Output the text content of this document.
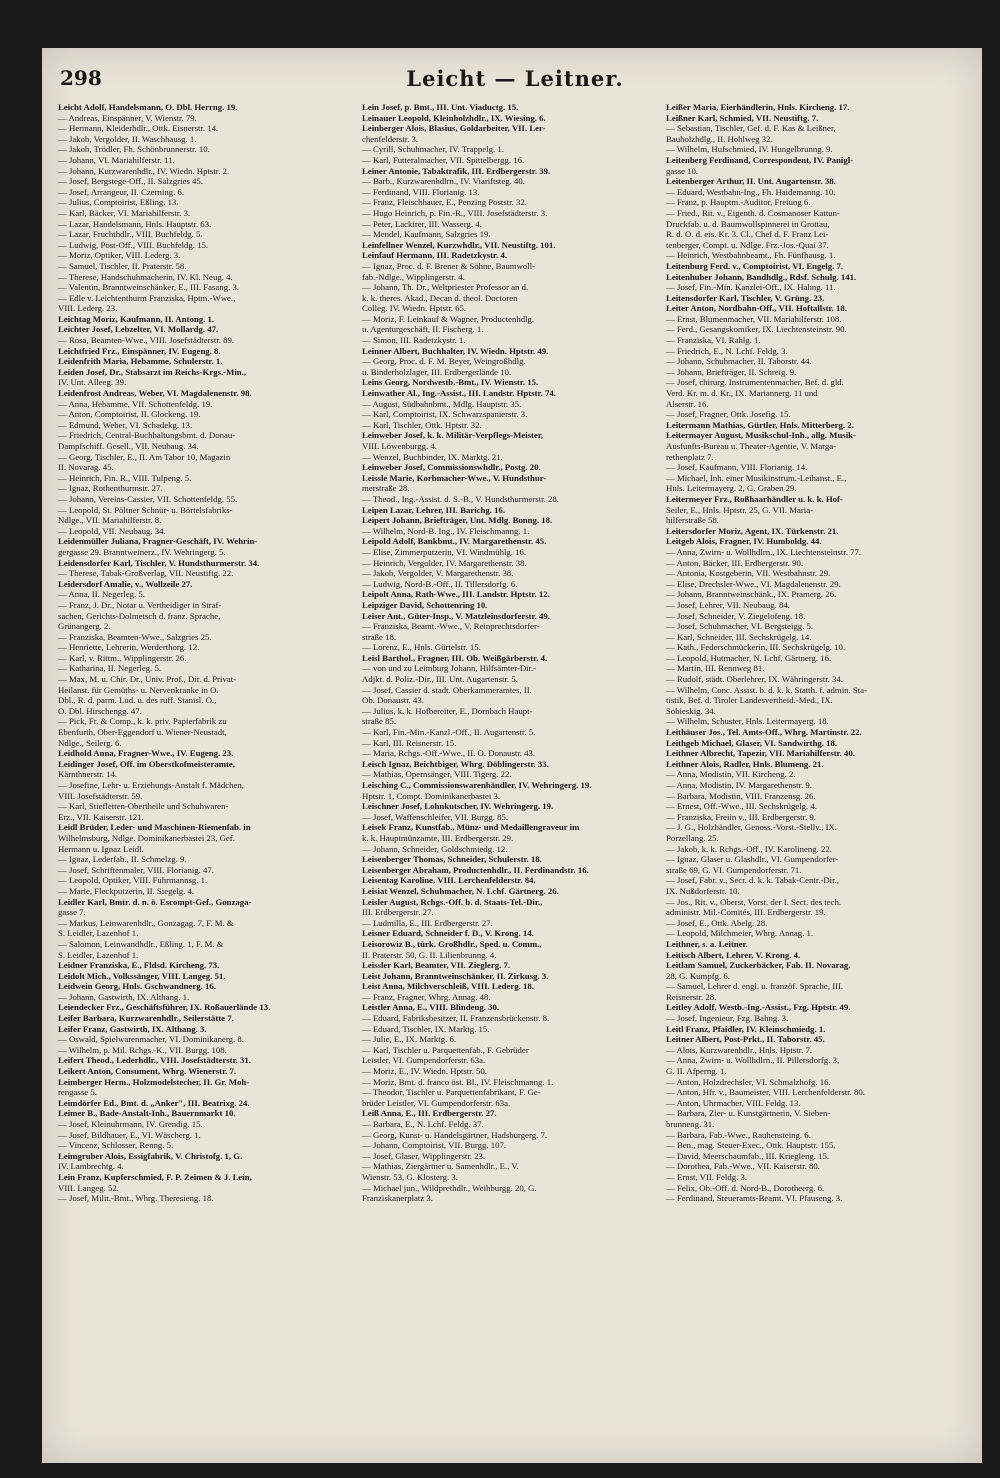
Leicht — Leitner.
298
Leicht Adolf, Handelsmann, O. Dbl. Herrng. 19.
— Andreas, Einspänner, V. Wienstr. 79.
— Hermann, Kleiderhdlr., Ottk. Eisnerstr. 14.
— Jakob, Vergolder, II. Waschhausg. 1.
— Jakob, Trödler, Fh. Schönbrunnerstr. 10.
— Johann, VI. Mariahilferstr. 11.
— Johann, Kurzwarenhdlr., IV. Wiedn. Hptstr. 2.
— Josef, Bergstege-Off., II. Salzgries 45.
— Josef, Arrangeur, II. Czerning. 6.
— Julius, Comptoirist, Eßling. 13.
— Karl, Bäcker, VI. Mariahilferstr. 3.
— Lazar, Handelsmann, Hnls. Hauptstr. 63.
— Lazar, Fruchthdlr., VIII. Buchfeldg. 5.
— Ludwig, Post-Off., VIII. Buchfeldg. 15.
— Moriz, Optiker, VIII. Lederg. 3.
— Samuel, Tischler, II. Praterstr. 58.
— Therese, Handschuhmacherin, IV. Kl. Neug. 4.
— Valentin, Branntweinschänker, E., III. Fasang. 3.
— Edle v. Leichtenthurm Franziska, Hptm.-Wwe.,
VIII. Lederg. 23.
Leichtag Moriz, Kaufmann, II. Antong. 1.
Leichter Josef, Lebzelter, VI. Mollardg. 47.
— Rosa, Beamten-Wwe., VIII. Josefstädterstr. 89.
Leichtfried Frz., Einspänner, IV. Eugeng. 8.
Leidenfrith Maria, Hebamme, Schulerstr. 1.
Leiden Josef, Dr., Stabsarzt im Reichs-Krgs.-Min.,
IV. Unt. Alleeg. 39.
Leidenfrost Andreas, Weber, VI. Magdalenenstr. 98.
— Anna, Hebamme, VII. Schottenfeldg. 19.
— Anton, Comptoirist, II. Glockeng. 19.
— Edmund, Weber, VI. Schadekg. 13.
— Friedrich, Central-Buchhaltungsbmt. d. Donau-
Dampfschiff. Gesell., VII. Neubaug. 34.
— Georg, Tischler, E., II. Am Tabor 10, Magazin
II. Novarag. 45.
— Heinrich, Fin. R., VIII. Tulpeng. 5.
— Ignaz, Rothenthurmstr. 27.
— Johann, Vereins-Cassier, VII. Schottenfeldg. 55.
— Leopold, St. Pöltner Schnür- u. Börtelsfabriks-
Ndlge., VII. Mariahilferstr. 8.
— Leopold, VII. Neubaug. 34.
Leidenmüller Juliana, Fragner-Geschäft, IV. Wehrin-
gergasse 29. Branntweinerz., IV. Wehringerg. 5.
Leidensdorfer Karl, Tischler, V. Hundsthurmerstr. 34.
— Therese, Tabak-Großverlag, VII. Neustiftg. 22.
Leidersdorf Amalie, v., Wollzeile 27.
— Anna, II. Negerleg. 5.
— Franz, J. Dr., Notar u. Vertheidiger in Straf-
sachen, Gerichts-Dolmetsch d. franz. Sprache,
Grünangerg. 2.
— Franziska, Beamten-Wwe., Salzgries 25.
— Henriette, Lehrerin, Werderthorg. 12.
— Karl, v. Rittm., Wipplingerstr. 26.
— Katharina, II. Negerleg. 5.
— Max, M. u. Chir. Dr., Univ. Prof., Dir. d. Privat-
Heilanst. für Gemüths- u. Nervenkranke in O.
Dbl., R. d. parm. Lud. u. des ruff. Stanisl. O.,
O. Dbl. Hirschengg. 47.
— Pick, Fr. & Comp., k. k. priv. Papierfabrik zu
Ebenfurth, Ober-Eggendorf u. Wiener-Neustadt,
Ndlge., Seilerg. 6.
Leidhold Anna, Fragner-Wwe., IV. Eugeng. 23.
Leidinger Josef, Off. im Oberstkofmeisteramte,
Kärnthnerstr. 14.
— Josefine, Lehr- u. Erziehungs-Anstalt f. Mädchen,
VIII. Josefstädterstr. 59.
— Karl, Stiefletten-Obertheile und Schuhwaren-
Erz., VII. Kaiserstr. 121.
Leidl Brüder, Leder- und Maschinen-Riemenfab. in
Wilhelmsburg, Ndlge. Dominikanerbastei 23, Gef.
Hermann u. Ignaz Leidl.
— Ignaz, Lederfab., II. Schmelzg. 9.
— Josef, Schriftenmaler, VIII. Florianig. 47.
— Leopold, Optiker, VIII. Fuhrmannsg. 1.
— Marie, Fleckputzerin, II. Siegelg. 4.
Leidler Karl, Bmtr. d. n. ö. Escompt-Gef., Gonzaga-
gasse 7.
— Markus, Leinwarenhdlr., Gonzagag. 7, F. M. &
S. Leidler, Lazenhof 1.
— Salomon, Leinwandhdlr., Eßling. 1, F. M. &
S. Leidler, Lazenhof 1.
Leidner Franziska, E., Fldsd. Kircheng. 73.
Leidolt Mich., Volkssänger, VIII. Langeg. 51.
Leidwein Georg, Hnls. Gschwandnerg. 16.
— Johann, Gastwirth, IX. Althang. 1.
Leiendecker Frz., Geschäftsführer, IX. Roßauerlände 13.
Leifer Barbara, Kurzwarenhdlr., Seilerstätte 7.
Leifer Franz, Gastwirth, IX. Althang. 3.
— Oswald, Spielwarenmacher, VI. Dominikanerg. 8.
— Wilhelm, p. Mil. Rchgs.-K., VII. Burgg. 108.
Leifert Theod., Lederhdlr., VIII. Josefstädterstr. 31.
Leikert Anton, Consument, Whrg. Wienerstr. 7.
Leimberger Herm., Holzmodelstecher, II. Gr. Moh-
rengasse 5.
Leimdörfer Ed., Bmt. d. „Anker", III. Beatrixg. 24.
Leimer B., Bade-Anstalt-Inh., Bauernmarkt 10.
— Josef, Kleinuhrmann, IV. Grendig. 15.
— Josef, Bildhauer, E., VI. Wäscherg. 1.
— Vincenz, Schlosser, Renng. 5.
Leimgruber Alois, Essigfabrik, V. Christofg. 1, G.
IV. Lambrechtg. 4.
Lein Franz, Kupferschmied, F. P. Zeimen & J. Lein,
VIII. Langeg. 52.
— Josef, Milit.-Bmt., Whrg. Theresieng. 18.
Lein Josef, p. Bmt., III. Unt. Viaductg. 15.
Leinauer Leopold, Kleinholzhdlr., IX. Wiesing. 6.
Leinberger Alois, Blasius, Goldarbeiter, VII. Ler-
chenfelderstr. 3.
— Cyrill, Schuhmacher, IV. Trappelg. 1.
— Karl, Futteralmacher, VII. Spittelbergg. 16.
Leiner Antonie, Tabaktrafik, III. Erdbergerstr. 39.
— Barb., Kurzwarenhdlrn., IV. Viariftsteg. 40.
— Ferdinand, VIII. Florianig. 13.
— Franz, Fleischhauer, E., Penzing Poststr. 32.
— Hugo Heinrich, p. Fin.-R., VIII. Josefstädterstr. 3.
— Peter, Lackirer, III. Wasserg. 4.
— Mendel, Kaufmann, Salzgries 19.
Leinfellner Wenzel, Kurzwhdlr., VII. Neustiftg. 101.
Leinfauf Hermann, III. Radetzkystr. 4.
— Ignaz, Proc. d. F. Brener & Söhne, Baumwoll-
fab.-Ndlge., Wipplingerstr. 4.
— Johann, Th. Dr., Weltpriester Professor an d.
k. k. theres. Akad., Decan d. theol. Doctoren
Colleg. IV. Wiedn. Hptstr. 65.
— Moriz, F. Leinkauf & Wagner, Productenhdlg.
u. Agenturgeschäft, II. Fischerg. 1.
— Simon, III. Radetzkystr. 1.
Leinner Albert, Buchhalter, IV. Wiedn. Hptstr. 49.
— Georg, Proc. d. F. M. Beyer, Weingroßhdlg.
u. Binderholzlager, III. Erdbergerlände 10.
Leins Georg, Nordwestb.-Bmt., IV. Wienstr. 15.
Leinwather Al., Ing.-Assist., III. Landstr. Hptstr. 74.
— August, Südbahnbmt., Mdlg. Hauptstr. 35.
— Karl, Comptoirist, IX. Schwarzspanierstr. 3.
— Karl, Tischler, Ottk. Hptstr. 32.
Leinweber Josef, k. k. Militär-Verpflegs-Meister,
VIII. Löwenburgg. 4.
— Wenzel, Buchbinder, IX. Marktg. 21.
Leinweber Josef, Commissionswhdlr., Postg. 20.
Leissle Marie, Korbmacher-Wwe., V. Hundsthur-
merstraße 28.
— Theod., Ing.-Assist. d. S.-B., V. Hundsthurmerstr. 28.
Leipen Lazar, Lehrer, III. Barichg. 16.
Leipert Johann, Briefträger, Unt. Mdlg. Bonng. 18.
— Wilhelm, Nord-B. Ing., IV. Fleischmanng. 1.
Leipold Adolf, Bankbmt., IV. Margarethenstr. 45.
— Elise, Zimmerputzerin, VI. Windmühlg. 16.
— Heinrich, Vergolder, IV. Margarethenstr. 38.
— Jakob, Vergolder, V. Margarethenstr. 38.
— Ludwig, Nord-B.-Off., II. Tillersdorfg. 6.
Leipolt Anna, Rath-Wwe., III. Landstr. Hptstr. 12.
Leipziger David, Schottenring 10.
Leiser Ant., Güter-Insp., V. Matzleinsdorferstr. 49.
— Franziska, Beamt.-Wwe., V. Reinprechtsdorfer-
straße 18.
— Lorenz, E., Hnls. Gürtelstr. 15.
Leisl Barthol., Fragner, III. Ob. Weißgärberstr. 4.
— von und zu Leimburg Johann, Hilfsämter-Dir.-
Adjkt. d. Poliz.-Dir., III. Unt. Augartenstr. 5.
— Josef, Cassier d. stadt. Oberkammeramtes, II.
Ob. Donaustr. 43.
— Julius, k. k. Hofbereiter, E., Dornbach Haupt-
straße 85.
— Karl, Fin.-Min.-Kanzl.-Off., II. Augartenstr. 5.
— Karl, III. Reisnerstr. 15.
— Maria, Rchgs.-Off.-Wwe., II. O. Donaustr. 43.
Leisch Ignaz, Beichtbiger, Whrg. Döblingerstr. 33.
— Mathias, Opernsänger, VIII. Tigerg. 22.
Leisching C., Commissionswarenhändler, IV. Wehringerg. 19.
Hptstr. 1, Compt. Dominikanerbastei 3.
Leischner Josef, Lohnkutscher, IV. Wehringerg. 19.
— Josef, Waffenschleifer, VII. Burgg. 85.
Leisek Franz, Kunstfab., Münz- und Medaillengraveur im
k. k. Hauptmünzamte, III. Erdbergerstr. 29.
— Johann, Schneider, Goldschmiedg. 12.
Leisenberger Thomas, Schneider, Schulerstr. 18.
Leisenberger Abraham, Productenhdlr., II. Ferdinandstr. 16.
Leisentag Karoline, VIII. Lerchenfelderstr. 84.
Leisiat Wenzel, Schuhmacher, N. Lchf. Gärtnerg. 26.
Leisler August, Rchgs.-Off. b. d. Staats-Tel.-Dir.,
III. Erdbergerstr. 27.
— Ludmilla, E., III. Erdbergerstr. 27.
Leisner Eduard, Schneider f. D., V. Krong. 14.
Leisorowiz B., türk. Großhdlr., Sped. u. Comm.,
II. Praterstr. 50, G. II. Lilienbrunng. 4.
Leissler Karl, Beamter, VII. Zieglerg. 7.
Leist Johann, Branntweinschänker, II. Zirkusg. 3.
Leist Anna, Milchverschleiß, VIII. Lederg. 18.
— Franz, Fragner, Whrg. Annag. 48.
Leistler Anna, E., VIII. Blindeng. 30.
— Eduard, Fabriksbesitzer, II. Franzensbrückenstr. 8.
— Eduard, Tischler, IX. Marktg. 15.
— Julie, E., IX. Marktg. 6.
— Karl, Tischler u. Parquettenfab., F. Gebrüder
Leistler, VI. Gumpendorferstr. 63a.
— Moriz, E., IV. Wiedn. Hptstr. 50.
— Moriz, Bmt. d. franco öst. Bl., IV. Fleischmanng. 1.
— Theodor, Tischler u. Parquettenfabrikant, F. Ge-
brüder Leistler, VI. Gumpendorferstr. 63a.
Leiß Anna, E., III. Erdbergerstr. 27.
— Barbara, E., N. Lchf. Feldg. 37.
— Georg, Kunst- u. Handelsgärtner, Hadsburgerg. 7.
— Johann, Comptoirist, VII. Burgg. 107.
— Josef, Glaser, Wipplingerstr. 23.
— Mathias, Ziergärtner u. Samenhdlr., E., V.
Wienstr. 53, G. Klosterg. 3.
— Michael jun., Wildprethdlr., Weihburgg. 20, G.
Franziskanerplatz 3.
Leißer Maria, Eierhändlerin, Hnls. Kircheng. 17.
Leißner Karl, Schmied, VII. Neustiftg. 7.
— Sebastian, Tischler, Gef. d. F. Kas & Leißner,
Bauholzhdlg., II. Hohlweg 32.
— Wilhelm, Hufschmied, IV. Hungelbrunng. 9.
Leitenberg Ferdinand, Correspondent, IV. Panigl-
gasse 10.
Leitenberger Arthur, II. Unt. Augartenstr. 38.
— Eduard, Westbahn-Ing., Fh. Haidemanng. 10.
— Franz, p. Hauptm.-Auditor, Freiung 6.
— Fried., Rit. v., Eigenth. d. Cosmanoser Kattun-
Druckfab. u. d. Baumwollspinnerei in Grottau,
R. d. O. d. eis. Kr. 3. Cl., Chef d. F. Franz Lei-
tenberger, Compt. u. Ndlge. Frz.-Jos.-Quai 37.
— Heinrich, Westbahnbeamt., Fh. Fünfhausg. 1.
Leitenburg Ferd. v., Comptoirist, VI. Engelg. 7.
Leitenhuber Johann, Bandhdlg., Rdsf. Schulg. 141.
— Josef, Fin.-Min. Kanzlei-Off., IX. Hahng. 11.
Leitensdorfer Karl, Tischler, V. Grüng. 23.
Leiter Anton, Nordbahn-Off., VII. Hoftallstr. 18.
— Ernst, Blumenmacher, VII. Mariahilferstr. 108.
— Ferd., Gesangskomiker, IX. Liechtensteinstr. 90.
— Franziska, VI. Rahlg. 1.
— Friedrich, E., N. Lchf. Feldg. 3.
— Johann, Schuhmacher, II. Taborstr. 44.
— Johann, Briefträger, II. Schreig. 9.
— Josef, chirurg. Instrumentenmacher, Bef. d. gld.
Verd. Kr. m. d. Kr., IX. Mariannerg. 11 und
Alserstr. 16.
— Josef, Fragner, Ottk. Josefig. 15.
Leitermann Mathias, Gürtler, Hnls. Mitterberg. 2.
Leitermayer August, Musikschul-Inh., allg. Musik-
Ausfunfts-Bureau u. Theater-Agentie, V. Marga-
rethenplatz 7.
— Josef, Kaufmann, VIII. Florianig. 14.
— Michael, Inh. einer Musikinstrum.-Leihanst., E.,
Hnls. Leitermayerg. 2, G. Graben 29.
Leitermeyer Frz., Roßhaarhändler u. k. k. Hof-
Seiler, E., Hnls. Hptstr. 25, G. VII. Maria-
hilferstraße 58.
Leitersdorfer Moriz, Agent, IX. Türkenstr. 21.
Leitgeb Alois, Fragner, IV. Humboldg. 44.
— Anna, Zwirn- u. Wollhdlrn., IX. Liechtensteinstr. 77.
— Anton, Bäcker, III. Erdbergerstr. 90.
— Antonia, Kostgeberin, VII. Westbahnstr. 29.
— Elise, Drechsler-Wwe., VI. Magdalenenstr. 29.
— Johann, Branntweinschänk., IX. Pramerg. 26.
— Josef, Lehrer, VII. Neubaug. 84.
— Josef, Schneider, V. Ziegelofeng. 18.
— Josef, Schuhmacher, VI. Bergsteigg. 5.
— Karl, Schneider, III. Sechskrügelg. 14.
— Kath., Federschmückerin, III. Sechskrügelg. 10.
— Leopold, Hutmacher, N. Lchf. Gärtnerg. 16.
— Martin, III. Rennweg 81.
— Rudolf, städt. Oberlehrer, IX. Währingerstr. 34.
— Wilhelm, Conc. Assist. b. d. k. k. Statth. f. admin. Sta-
tistik, Bef. d. Tiroler Landesvertheid.-Med., IX.
Sobieskig. 34.
— Wilhelm, Schuster, Hnls. Leitermayerg. 18.
Leithäuser Jos., Tel. Amts-Off., Whrg. Martinstr. 22.
Leithgeb Michael, Glaser, VI. Sandwirthg. 18.
Leithner Albrecht, Tapezir, VII. Mariahilferstr. 40.
Leithner Alois, Radler, Hnls. Blumeng. 21.
— Anna, Modistin, VII. Kircheng. 2.
— Anna, Modistin, IV. Margarethenstr. 9.
— Barbara, Modistin, VIII. Franzensg. 26.
— Ernest, Off.-Wwe., III. Sechskrügelg. 4.
— Franziska, Freiin v., III. Erdbergerstr. 9.
— J. G., Holzhändler, Genoss.-Vorst.-Stellv., IX.
Porzellang. 25.
— Jakob, k. k. Rchgs.-Off., IV. Karolineng. 22.
— Ignaz, Glaser u. Glashdlr., VI. Gumpendorfer-
straße 69, G. VI. Gumpendorferstr. 71.
— Josef, Fabr. v., Secr. d. k. k. Tabak-Centr.-Dir.,
IX. Nußdorferstr. 10.
— Jos., Rit. v., Oberst, Vorst. der I. Sect. des tech.
administr. Mil.-Comités, III. Erdbergerstr. 19.
— Josef, E., Ottk. Abelg. 28.
— Leopold, Milchmeier, Whrg. Annag. 1.
Leithner, s. a. Leitner.
Leitisch Albert, Lehrer, V. Krong. 4.
Leitlam Samuel, Zuckerbäcker, Fab. II. Novarag.
28, G. Kumpfg. 6.
— Samuel, Lehrer d. engl. u. franzöf. Sprache, III.
Reisnerstr. 28.
Leitley Adolf, Westb.-Ing.-Assist., Fzg. Hptstr. 49.
— Josef, Ingenieur, Fzg. Bahng. 3.
Leitl Franz, Pfaidler, IV. Kleinschmiedg. 1.
Leitner Albert, Post-Prkt., II. Taborstr. 45.
— Alois, Kurzwarenhdlr., Hnls. Hptstr. 7.
— Anna, Zwirn- u. Wollhdlrn., II. Pillersdorfg. 3,
G. II. Afperng. 1.
— Anton, Holzdrechsler, VI. Schmalzhofg. 16.
— Anton, Hfr. v., Baumeister, VIII. Lerchenfelderstr. 80.
— Anton, Uhrmacher, VIII. Feldg. 13.
— Barbara, Zier- u. Kunstgärtnerin, V. Sieben-
brunneng. 31.
— Barbara, Fab.-Wwe., Rauhensteing. 6.
— Ben., mag. Steuer-Exec., Ottk. Hauptstr. 155.
— David, Meerschaumfab., III. Kriegleng. 15.
— Dorothea, Fab.-Wwe., VII. Kaiserstr. 80.
— Ernst, VII. Feldg. 3.
— Felix, Ob.-Off. d. Nord-B., Dorotheerg. 6.
— Ferdinand, Steueramts-Beamt. VI. Pfauseng. 3.
